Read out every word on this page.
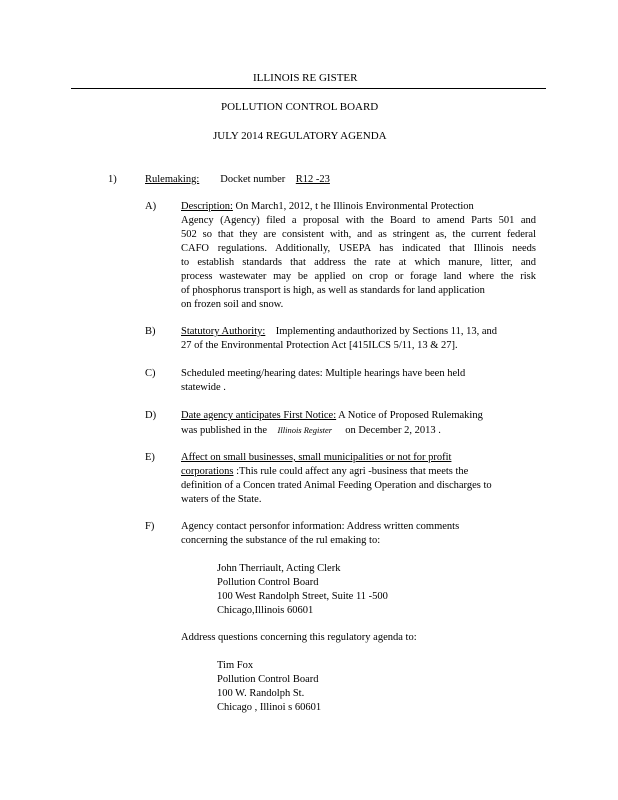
ILLINOIS RE GISTER
POLLUTION CONTROL BOARD
JULY 2014 REGULATORY AGENDA
1)	Rulemaking: Docket number R12 -23
A) Description: On March1, 2012, t he Illinois Environmental Protection
Agency (Agency) filed a proposal with the Board to amend Parts 501 and
502 so that they are consistent with, and as stringent as, the current federal
CAFO regulations. Additionally, USEPA has indicated that Illinois needs
to establish standards that address the rate at which manure, litter, and
process wastewater may be applied on crop or forage land where the risk
of phosphorus transport is high, as well as standards for land application
on frozen soil and snow.
B) Statutory Authority: Implementing andauthorized by Sections 11, 13, and
27 of the Environmental Protection Act [415ILCS 5/11, 13 & 27].
C) Scheduled meeting/hearing dates: Multiple hearings have been held
statewide .
D) Date agency anticipates First Notice: A Notice of Proposed Rulemaking
was published in the Illinois Register on December 2, 2013 .
E) Affect on small businesses, small municipalities or not for profit
corporations :This rule could affect any agri -business that meets the
definition of a Concen trated Animal Feeding Operation and discharges to
waters of the State.
F)	Agency contact personfor information: Address written comments
concerning the substance of the rul emaking to:
John Therriault, Acting Clerk
Pollution Control Board
100 West Randolph Street, Suite 11 -500
Chicago,Illinois 60601
Address questions concerning this regulatory agenda to:
Tim Fox
Pollution Control Board
100 W. Randolph St.
Chicago , Illinoi s 60601
